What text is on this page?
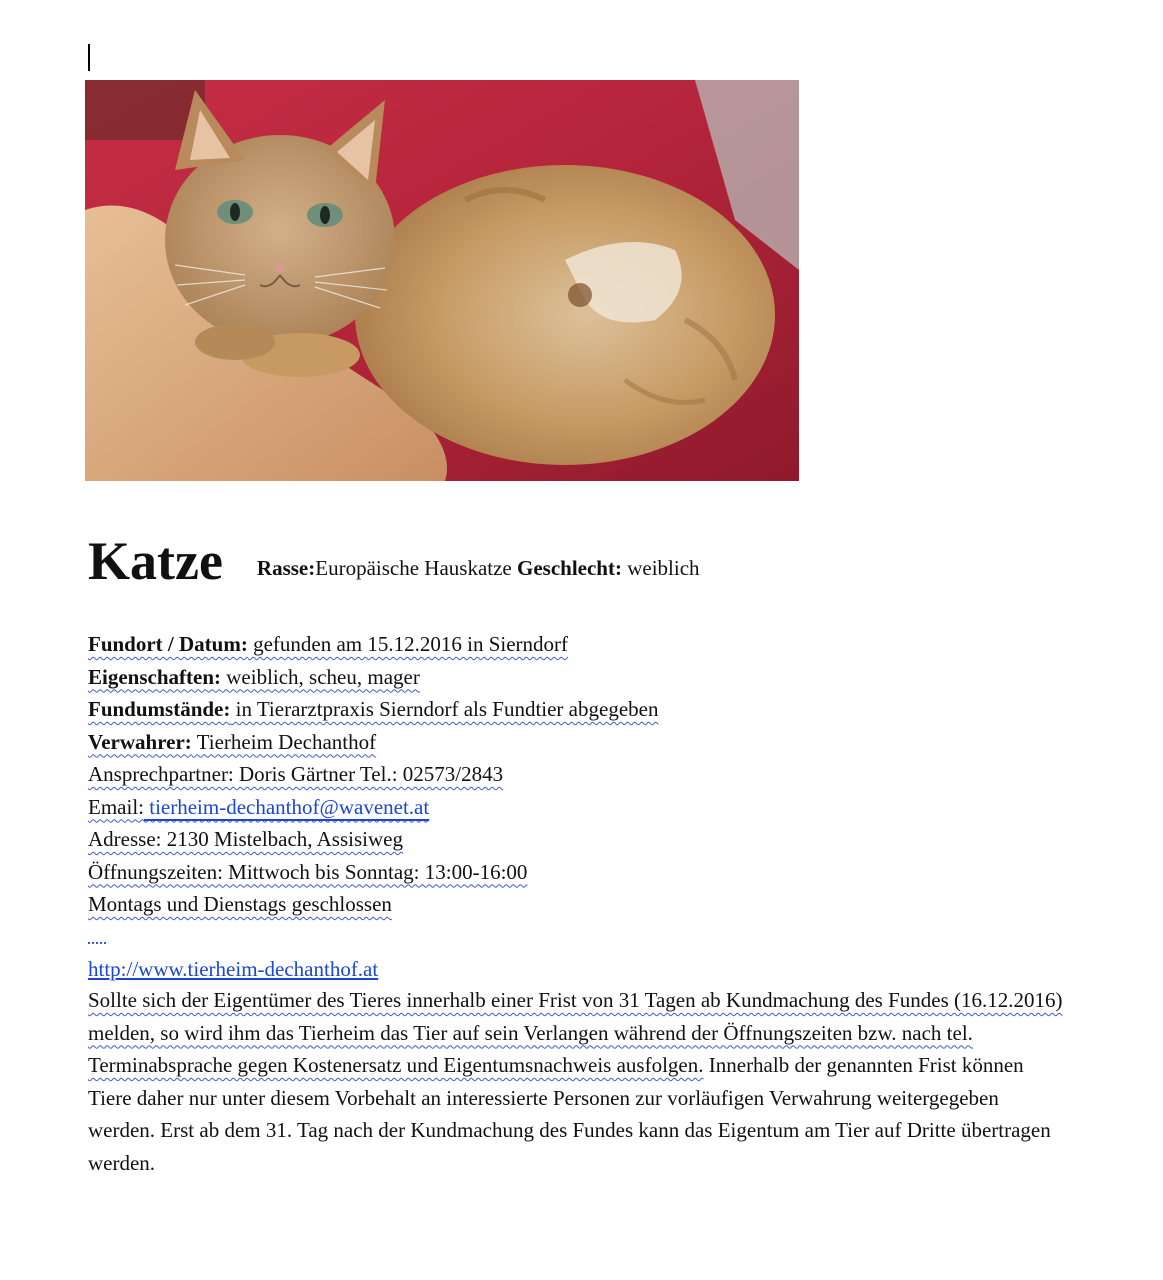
Katze Rasse:Europäische Hauskatze Geschlecht: weiblich
Fundort / Datum: gefunden am 15.12.2016 in Sierndorf
Eigenschaften: weiblich, scheu, mager
Fundumstände: in Tierarztpraxis Sierndorf als Fundtier abgegeben
Verwahrer: Tierheim Dechanthof
Ansprechpartner: Doris Gärtner Tel.: 02573/2843
Email: tierheim-dechanthof@wavenet.at
Adresse: 2130 Mistelbach, Assisiweg
Öffnungszeiten: Mittwoch bis Sonntag: 13:00-16:00
Montags und Dienstags geschlossen
http://www.tierheim-dechanthof.at
Sollte sich der Eigentümer des Tieres innerhalb einer Frist von 31 Tagen ab Kundmachung des Fundes (16.12.2016) melden, so wird ihm das Tierheim das Tier auf sein Verlangen während der Öffnungszeiten bzw. nach tel. Terminabsprache gegen Kostenersatz und Eigentumsnachweis ausfolgen. Innerhalb der genannten Frist können Tiere daher nur unter diesem Vorbehalt an interessierte Personen zur vorläufigen Verwahrung weitergegeben werden. Erst ab dem 31. Tag nach der Kundmachung des Fundes kann das Eigentum am Tier auf Dritte übertragen werden.
